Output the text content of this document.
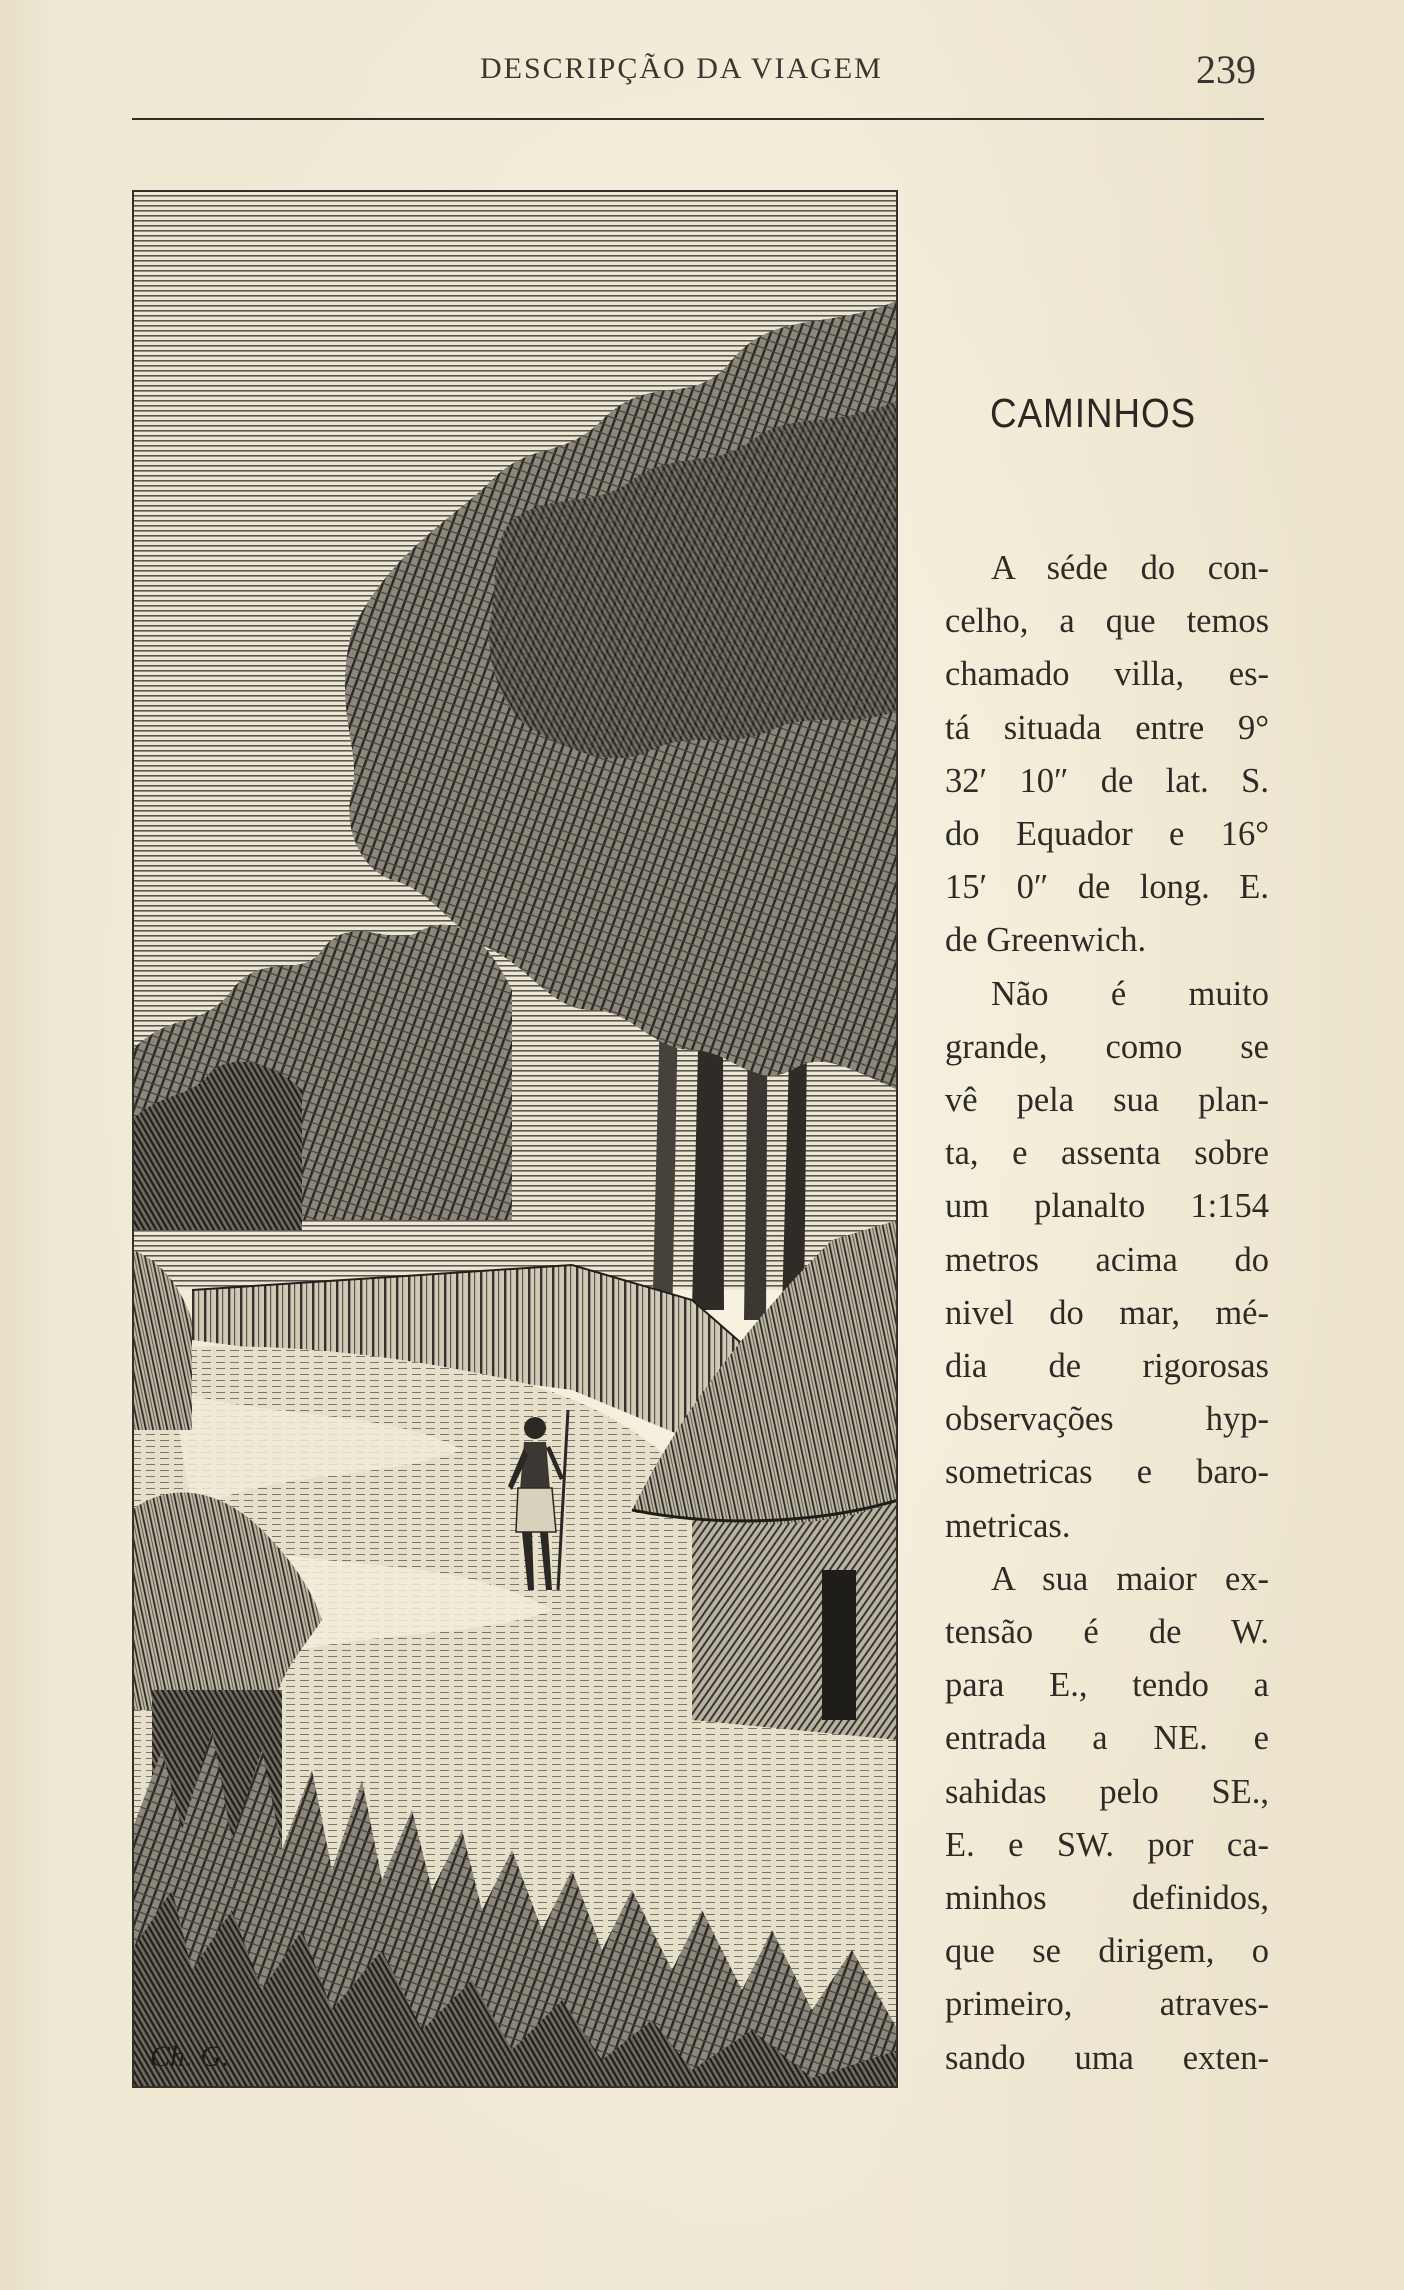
DESCRIPÇÃO DA VIAGEM	239
Ch. G.
CAMINHOS
A séde do con-
celho, a que temos
chamado villa, es-
tá situada entre 9°
32′ 10″ de lat. S.
do Equador e 16°
15′ 0″ de long. E.
de Greenwich.
Não é muito
grande, como se
vê pela sua plan-
ta, e assenta sobre
um planalto 1:154
metros acima do
nivel do mar, mé-
dia de rigorosas
observações hyp-
sometricas e baro-
metricas.
A sua maior ex-
tensão é de W.
para E., tendo a
entrada a NE. e
sahidas pelo SE.,
E. e SW. por ca-
minhos definidos,
que se dirigem, o
primeiro, atraves-
sando uma exten-
